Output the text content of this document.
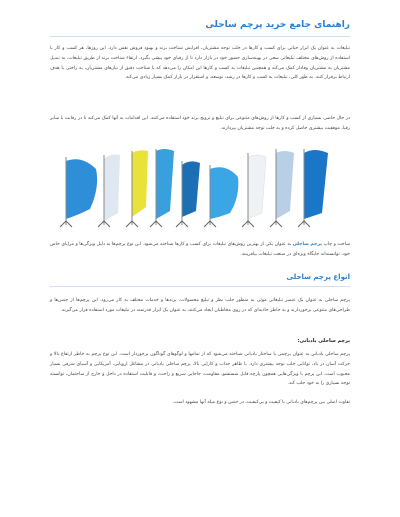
راهنمای جامع خرید پرچم ساحلی
تبلیغات به عنوان یک ابزار حیاتی برای کسب و کارها در جلب توجه مشتریان، افزایش شناخت برند و بهبود فروش نقش دارد. این روزها، هر کسب و کار با استفاده از روش‌های مختلف تبلیغاتی سعی در بهینه‌سازی حضور خود در بازار دارد تا از رقبای خود پیشی بگیرد. ارتقاء شناخت برند از طریق تبلیغات، به تبدیل مشتریان به مشتریان وفادار کمک می‌کند و همچنین تبلیغات به کسب و کارها این امکان را می‌دهد که با شناخت دقیق از نیازهای مشتریان، به راحتی با هدف ارتباط برقرار کنند. به طور کلی، تبلیغات به کسب و کارها در رشد، توسعه، و استقرار در بازار کمک بسیار زیادی می‌کند.
در حال حاضر، بسیاری از کسب و کارها از روش‌های متنوعی برای تبلیغ و ترویج برند خود استفاده می‌کنند. این اقدامات به آنها کمک می‌کند تا در رقابت با سایر رقبا، موفقیت بیشتری حاصل کرده و به جلب توجه مشتریان بپردازند.
ساخت و چاپ پرچم ساحلی به عنوان یکی از بهترین روش‌های تبلیغات برای کسب و کارها شناخته می‌شود. این نوع پرچم‌ها به دلیل ویژگی‌ها و مزایای خاص خود، توانسته‌اند جایگاه ویژه‌ای در صنعت تبلیغات بیافرینند.
انواع پرچم ساحلی
پرچم ساحلی به عنوان یک عنصر تبلیغاتی موثر، به منظور جلب نظر و تبلیغ محصولات، برندها و خدمات مختلف به کار می‌رود. این پرچم‌ها از جنس‌ها و طراحی‌های متنوعی برخوردارند و به خاطر جاذبه‌ای که در روی مخاطبان ایجاد می‌کنند، به عنوان یک ابزار قدرتمند در تبلیغات مورد استفاده قرار می‌گیرند.
پرچم ساحلی بادبانی:
پرچم ساحلی بادبانی به عنوان پرچمی با ساختار بادبانی شناخته می‌شود که از تمامها و لوگوهای گوناگون برخوردار است. این نوع پرچم به خاطر ارتفاع بالا و حرکت آسان در باد، توانایی جلب توجه بیشتری دارد. با ظاهر جذاب و کارایی بالا، پرچم ساحلی بادبانی در مشاغل اروپایی، آمریکایی و آسیای شرقی بسیار محبوب است. این پرچم با ویژگی‌هایی همچون پارچه قابل شستشو، مقاومت، جاجایی سریع و راحت، و قابلیت استفاده در داخل و خارج از ساختمان، توانسته توجه بسیاری را به خود جلب کند.
تفاوت اصلی بین پرچم‌های بادبانی با کیفیت و بی‌کیفیت، در جنس و نوع میله آنها مشهود است.
